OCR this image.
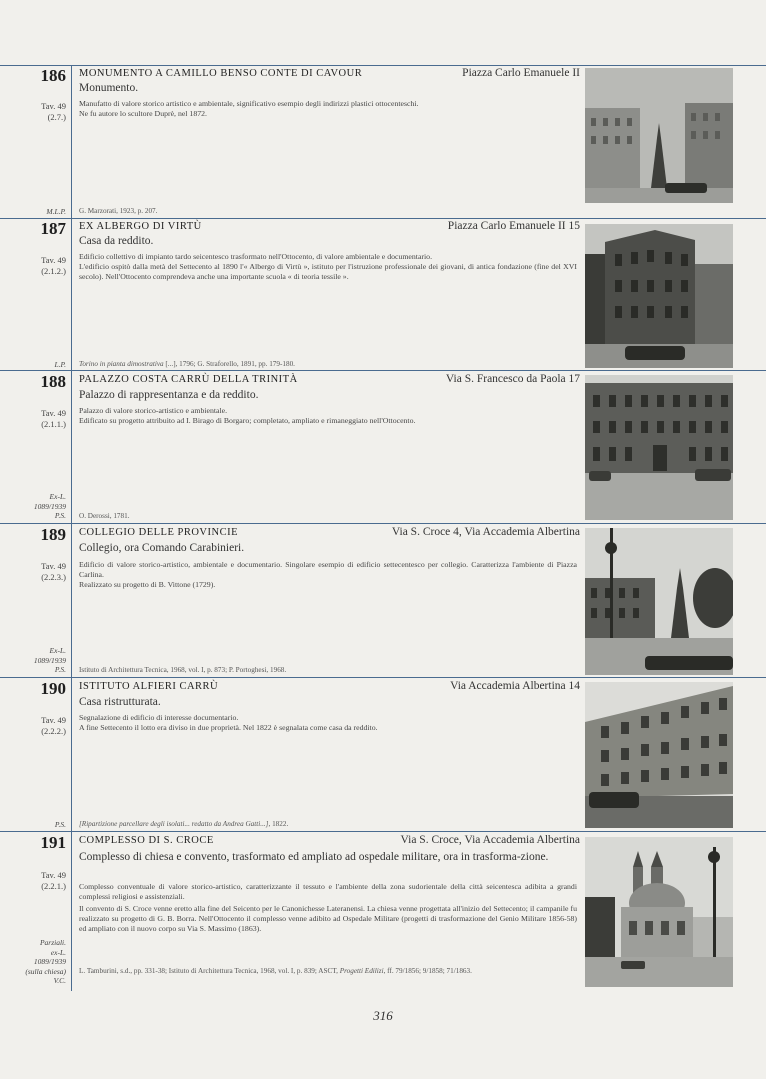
186
Tav. 49
(2.7.)
M.L.P.
MONUMENTO A CAMILLO BENSO CONTE DI CAVOUR	Piazza Carlo Emanuele II
Monumento.
Manufatto di valore storico artistico e ambientale, significativo esempio degli indirizzi plastici ottocenteschi.
Ne fu autore lo scultore Duprè, nel 1872.
G. Marzorati, 1923, p. 207.
187
Tav. 49
(2.1.2.)
L.P.
EX ALBERGO DI VIRTÙ	Piazza Carlo Emanuele II 15
Casa da reddito.
Edificio collettivo di impianto tardo seicentesco trasformato nell'Ottocento, di valore ambientale e documentario.
L'edificio ospitò dalla metà del Settecento al 1890 l'« Albergo di Virtù », istituto per l'istruzione professionale dei giovani, di antica fondazione (fine del XVI secolo). Nell'Ottocento comprendeva anche una importante scuola « di teoria tessile ».
Torino in pianta dimostrativa [...], 1796; G. Straforello, 1891, pp. 179-180.
188
Tav. 49
(2.1.1.)
Ex-L.
1089/1939
P.S.
PALAZZO COSTA CARRÙ DELLA TRINITÀ	Via S. Francesco da Paola 17
Palazzo di rappresentanza e da reddito.
Palazzo di valore storico-artistico e ambientale.
Edificato su progetto attribuito ad I. Birago di Borgaro; completato, ampliato e rimaneggiato nell'Ottocento.
O. Derossi, 1781.
189
Tav. 49
(2.2.3.)
Ex-L.
1089/1939
P.S.
COLLEGIO DELLE PROVINCIE	Via S. Croce 4, Via Accademia Albertina
Collegio, ora Comando Carabinieri.
Edificio di valore storico-artistico, ambientale e documentario. Singolare esempio di edificio settecentesco per collegio. Caratterizza l'ambiente di Piazza Carlina.
Realizzato su progetto di B. Vittone (1729).
Istituto di Architettura Tecnica, 1968, vol. I, p. 873; P. Portoghesi, 1968.
190
Tav. 49
(2.2.2.)
P.S.
ISTITUTO ALFIERI CARRÙ	Via Accademia Albertina 14
Casa ristrutturata.
Segnalazione di edificio di interesse documentario.
A fine Settecento il lotto era diviso in due proprietà. Nel 1822 è segnalata come casa da reddito.
[Ripartizione parcellare degli isolati... redatto da Andrea Gatti...], 1822.
191
Tav. 49
(2.2.1.)
Parziali.
ex-L.
1089/1939
(sulla chiesa)
V.C.
COMPLESSO DI S. CROCE	Via S. Croce, Via Accademia Albertina
Complesso di chiesa e convento, trasformato ed ampliato ad ospedale militare, ora in trasforma-zione.
Complesso conventuale di valore storico-artistico, caratterizzante il tessuto e l'ambiente della zona sudorientale della città seicentesca adibita a grandi complessi religiosi e assistenziali.
Il convento di S. Croce venne eretto alla fine del Seicento per le Canonichesse Lateranensi. La chiesa venne progettata all'inizio del Settecento; il campanile fu realizzato su progetto di G. B. Borra. Nell'Ottocento il complesso venne adibito ad Ospedale Militare (progetti di trasformazione del Genio Militare 1856-58) ed ampliato con il nuovo corpo su Via S. Massimo (1863).
L. Tamburini, s.d., pp. 331-38; Istituto di Architettura Tecnica, 1968, vol. I, p. 839; ASCT, Progetti Edilizi, ff. 79/1856; 9/1858; 71/1863.
316
